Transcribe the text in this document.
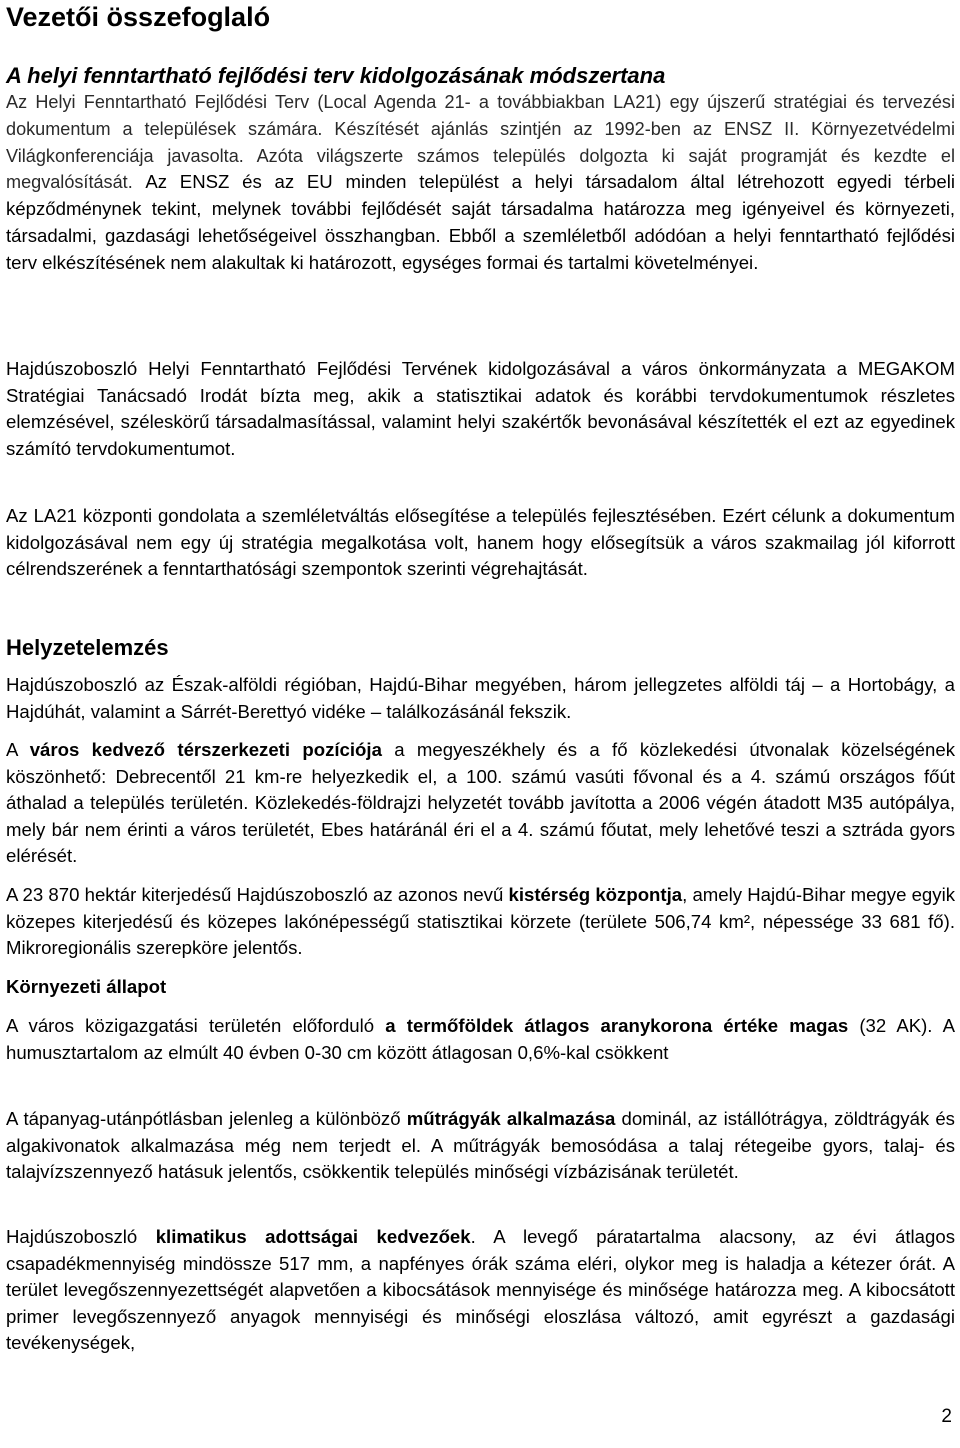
Vezetői összefoglaló
A helyi fenntartható fejlődési terv kidolgozásának módszertana

Az Helyi Fenntartható Fejlődési Terv (Local Agenda 21- a továbbiakban LA21) egy újszerű stratégiai és tervezési dokumentum a települések számára. Készítését ajánlás szintjén az 1992-ben az ENSZ II. Környezetvédelmi Világkonferenciája javasolta. Azóta világszerte számos település dolgozta ki saját programját és kezdte el megvalósítását. Az ENSZ és az EU minden települést a helyi társadalom által létrehozott egyedi térbeli képződménynek tekint, melynek további fejlődését saját társadalma határozza meg igényeivel és környezeti, társadalmi, gazdasági lehetőségeivel összhangban. Ebből a szemléletből adódóan a helyi fenntartható fejlődési terv elkészítésének nem alakultak ki határozott, egységes formai és tartalmi követelményei.

Hajdúszoboszló Helyi Fenntartható Fejlődési Tervének kidolgozásával a város önkormányzata a MEGAKOM Stratégiai Tanácsadó Irodát bízta meg, akik a statisztikai adatok és korábbi tervdokumentumok részletes elemzésével, széleskörű társadalmasítással, valamint helyi szakértők bevonásával készítették el ezt az egyedinek számító tervdokumentumot.

Az LA21 központi gondolata a szemléletváltás elősegítése a település fejlesztésében. Ezért célunk a dokumentum kidolgozásával nem egy új stratégia megalkotása volt, hanem hogy elősegítsük a város szakmailag jól kiforrott célrendszerének a fenntarthatósági szempontok szerinti végrehajtását.

Helyzetelemzés

Hajdúszoboszló az Észak-alföldi régióban, Hajdú-Bihar megyében, három jellegzetes alföldi táj – a Hortobágy, a Hajdúhát, valamint a Sárrét-Berettyó vidéke – találkozásánál fekszik.

A város kedvező térszerkezeti pozíciója a megyeszékhely és a fő közlekedési útvonalak közelségének köszönhető: Debrecentől 21 km-re helyezkedik el, a 100. számú vasúti fővonal és a 4. számú országos főút áthalad a település területén. Közlekedés-földrajzi helyzetét tovább javította a 2006 végén átadott M35 autópálya, mely bár nem érinti a város területét, Ebes határánál éri el a 4. számú főutat, mely lehetővé teszi a sztráda gyors elérését.

A 23 870 hektár kiterjedésű Hajdúszoboszló az azonos nevű kistérség központja, amely Hajdú-Bihar megye egyik közepes kiterjedésű és közepes lakónépességű statisztikai körzete (területe 506,74 km², népessége 33 681 fő). Mikroregionális szerepköre jelentős.

Környezeti állapot

A város közigazgatási területén előforduló a termőföldek átlagos aranykorona értéke magas (32 AK). A humusztartalom az elmúlt 40 évben 0-30 cm között átlagosan 0,6%-kal csökkent

A tápanyag-utánpótlásban jelenleg a különböző műtrágyák alkalmazása dominál, az istállótrágya, zöldtrágyák és algakivonatok alkalmazása még nem terjedt el. A műtrágyák bemosódása a talaj rétegeibe gyors, talaj- és talajvízszennyező hatásuk jelentős, csökkentik település minőségi vízbázisának területét.

Hajdúszoboszló klimatikus adottságai kedvezőek. A levegő páratartalma alacsony, az évi átlagos csapadékmennyiség mindössze 517 mm, a napfényes órák száma eléri, olykor meg is haladja a kétezer órát. A terület levegőszennyezettségét alapvetően a kibocsátások mennyisége és minősége határozza meg. A kibocsátott primer levegőszennyező anyagok mennyiségi és minőségi eloszlása változó, amit egyrészt a gazdasági tevékenységek,

2
